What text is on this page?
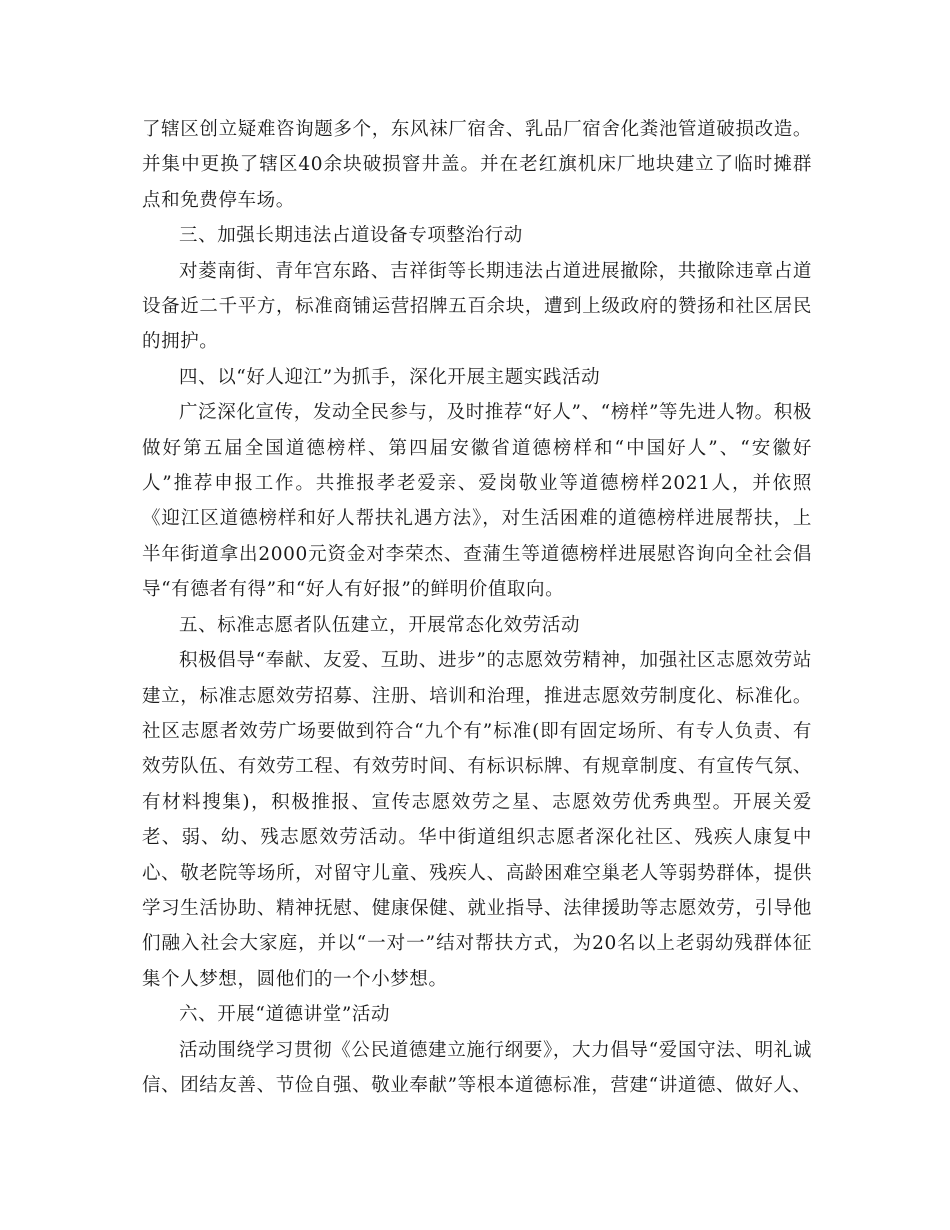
了辖区创立疑难咨询题多个，东风袜厂宿舍、乳品厂宿舍化粪池管道破损改造。并集中更换了辖区40余块破损窨井盖。并在老红旗机床厂地块建立了临时摊群点和免费停车场。

三、加强长期违法占道设备专项整治行动

对菱南街、青年宫东路、吉祥街等长期违法占道进展撤除，共撤除违章占道设备近二千平方，标准商铺运营招牌五百余块，遭到上级政府的赞扬和社区居民的拥护。

四、以“好人迎江”为抓手，深化开展主题实践活动

广泛深化宣传，发动全民参与，及时推荐“好人”、“榜样”等先进人物。积极做好第五届全国道德榜样、第四届安徽省道德榜样和“中国好人”、“安徽好人”推荐申报工作。共推报孝老爱亲、爱岗敬业等道德榜样2021人，并依照《迎江区道德榜样和好人帮扶礼遇方法》，对生活困难的道德榜样进展帮扶，上半年街道拿出2000元资金对李荣杰、查蒲生等道德榜样进展慰咨询向全社会倡导“有德者有得”和“好人有好报”的鲜明价值取向。

五、标准志愿者队伍建立，开展常态化效劳活动

积极倡导“奉献、友爱、互助、进步”的志愿效劳精神，加强社区志愿效劳站建立，标准志愿效劳招募、注册、培训和治理，推进志愿效劳制度化、标准化。社区志愿者效劳广场要做到符合“九个有”标准(即有固定场所、有专人负责、有效劳队伍、有效劳工程、有效劳时间、有标识标牌、有规章制度、有宣传气氛、有材料搜集)，积极推报、宣传志愿效劳之星、志愿效劳优秀典型。开展关爱老、弱、幼、残志愿效劳活动。华中街道组织志愿者深化社区、残疾人康复中心、敬老院等场所，对留守儿童、残疾人、高龄困难空巢老人等弱势群体，提供学习生活协助、精神抚慰、健康保健、就业指导、法律援助等志愿效劳，引导他们融入社会大家庭，并以“一对一”结对帮扶方式，为20名以上老弱幼残群体征集个人梦想，圆他们的一个小梦想。

六、开展“道德讲堂”活动

活动围绕学习贯彻《公民道德建立施行纲要》，大力倡导“爱国守法、明礼诚信、团结友善、节俭自强、敬业奉献”等根本道德标准，营建“讲道德、做好人、
